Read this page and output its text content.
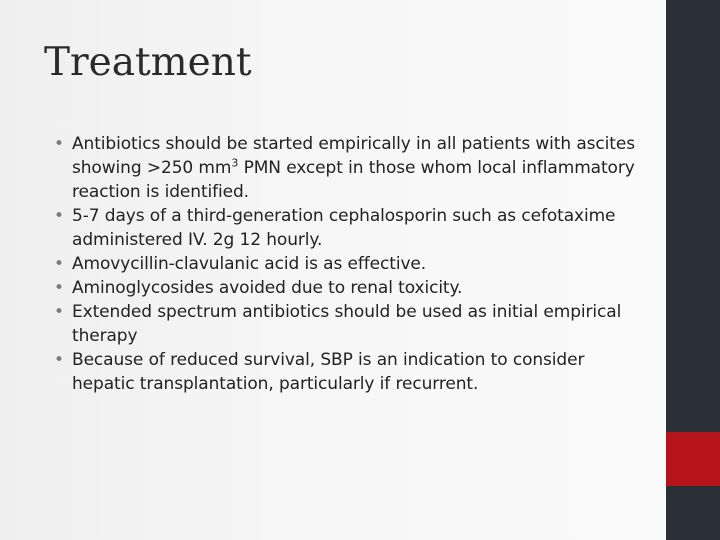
Treatment
• Antibiotics should be started empirically in all patients with ascites showing >250 $mm^3$ PMN except in those whom local inflammatory reaction is identified.
• 5-7 days of a third-generation cephalosporin such as cefotaxime administered IV. 2g 12 hourly.
• Amovycillin-clavulanic acid is as effective.
• Aminoglycosides avoided due to renal toxicity.
• Extended spectrum antibiotics should be used as initial empirical therapy
• Because of reduced survival, SBP is an indication to consider hepatic transplantation, particularly if recurrent.
